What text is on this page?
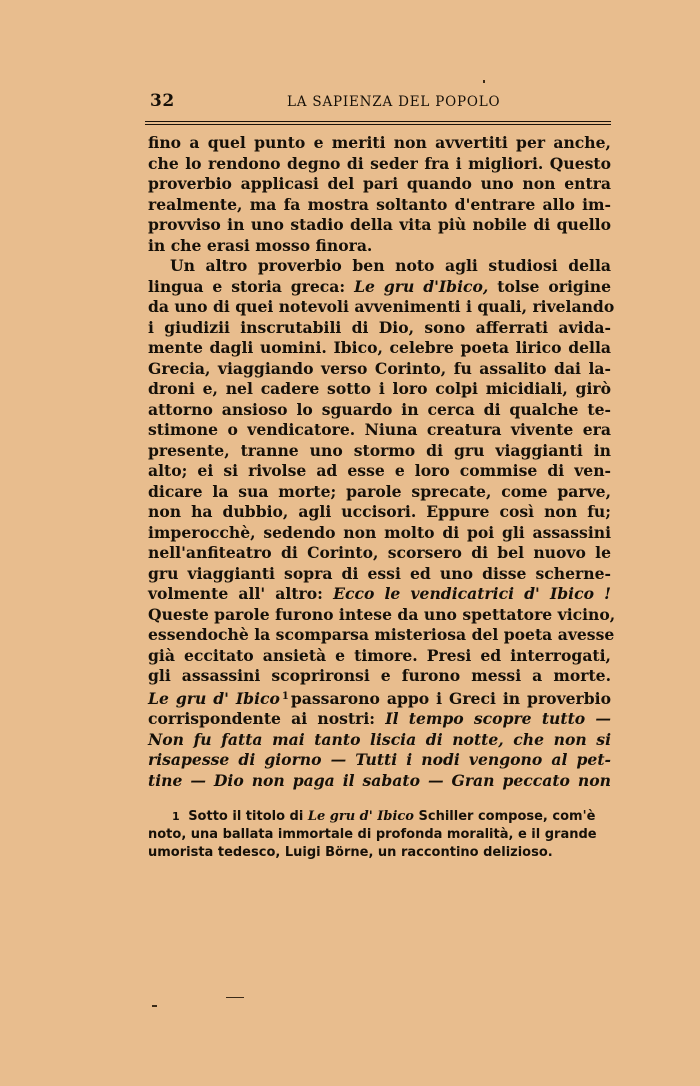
32	LA SAPIENZA DEL POPOLO

fino a quel punto e meriti non avvertiti per anche,
che lo rendono degno di seder fra i migliori. Questo
proverbio applicasi del pari quando uno non entra
realmente, ma fa mostra soltanto d'entrare allo im-
provviso in uno stadio della vita più nobile di quello
in che erasi mosso finora.

Un altro proverbio ben noto agli studiosi della
lingua e storia greca: Le gru d'Ibico, tolse origine
da uno di quei notevoli avvenimenti i quali, rivelando
i giudizii inscrutabili di Dio, sono afferrati avida-
mente dagli uomini. Ibico, celebre poeta lirico della
Grecia, viaggiando verso Corinto, fu assalito dai la-
droni e, nel cadere sotto i loro colpi micidiali, girò
attorno ansioso lo sguardo in cerca di qualche te-
stimone o vendicatore. Niuna creatura vivente era
presente, tranne uno stormo di gru viaggianti in
alto; ei si rivolse ad esse e loro commise di ven-
dicare la sua morte; parole sprecate, come parve,
non ha dubbio, agli uccisori. Eppure così non fu;
imperocchè, sedendo non molto di poi gli assassini
nell'anfiteatro di Corinto, scorsero di bel nuovo le
gru viaggianti sopra di essi ed uno disse scherne-
volmente all' altro: Ecco le vendicatrici d' Ibico !
Queste parole furono intese da uno spettatore vicino,
essendochè la scomparsa misteriosa del poeta avesse
già eccitato ansietà e timore. Presi ed interrogati,
gli assassini scoprironsi e furono messi a morte.
Le gru d' Ibico $^1$ passarono appo i Greci in proverbio
corrispondente ai nostri: Il tempo scopre tutto —
Non fu fatta mai tanto liscia di notte, che non si
risapesse di giorno — Tutti i nodi vengono al pet-
tine — Dio non paga il sabato — Gran peccato non

1 Sotto il titolo di Le gru d' Ibico Schiller compose, com'è
noto, una ballata immortale di profonda moralità, e il grande
umorista tedesco, Luigi Börne, un raccontino delizioso.
